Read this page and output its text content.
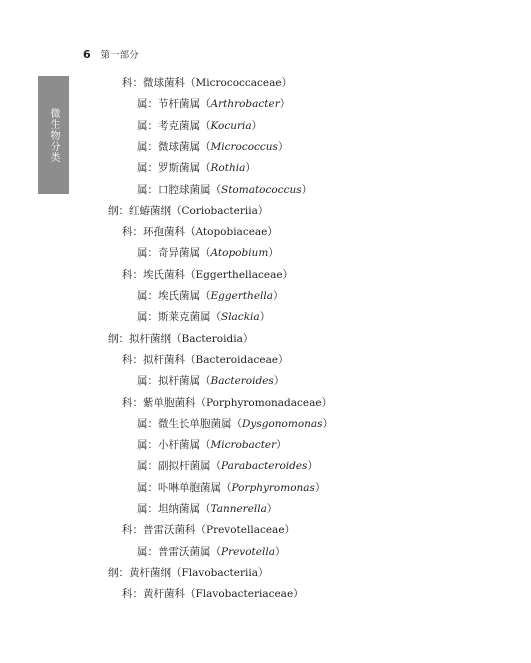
6 第一部分
微生物分类
科：微球菌科（Micrococcaceae）
属：节杆菌属（Arthrobacter）
属：考克菌属（Kocuria）
属：微球菌属（Micrococcus）
属：罗斯菌属（Rothia）
属：口腔球菌属（Stomatococcus）
纲：红蝽菌纲（Coriobacteriia）
科：环孢菌科（Atopobiaceae）
属：奇异菌属（Atopobium）
科：埃氏菌科（Eggerthellaceae）
属：埃氏菌属（Eggerthella）
属：斯莱克菌属（Slackia）
纲：拟杆菌纲（Bacteroidia）
科：拟杆菌科（Bacteroidaceae）
属：拟杆菌属（Bacteroides）
科：紫单胞菌科（Porphyromonadaceae）
属：微生长单胞菌属（Dysgonomonas）
属：小杆菌属（Microbacter）
属：副拟杆菌属（Parabacteroides）
属：卟啉单胞菌属（Porphyromonas）
属：坦纳菌属（Tannerella）
科：普雷沃菌科（Prevotellaceae）
属：普雷沃菌属（Prevotella）
纲：黄杆菌纲（Flavobacteriia）
科：黄杆菌科（Flavobacteriaceae）
